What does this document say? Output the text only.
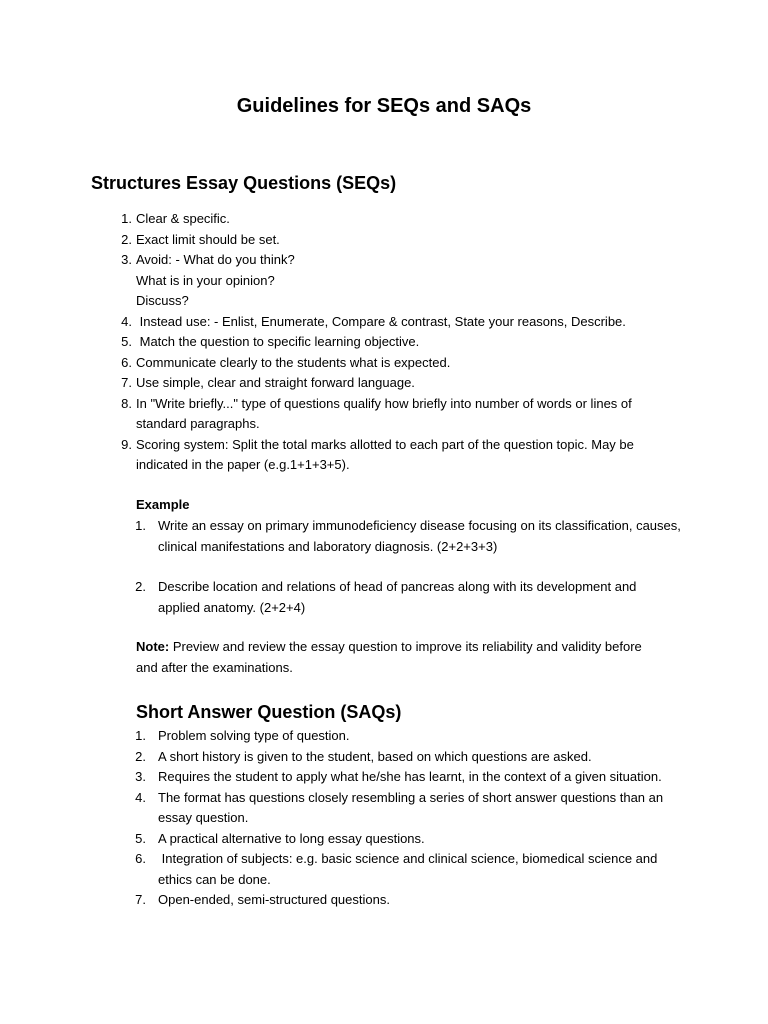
Guidelines for SEQs and SAQs
Structures Essay Questions (SEQs)
1. Clear & specific.
2. Exact limit should be set.
3. Avoid: - What do you think?
What is in your opinion?
Discuss?
4. Instead use: - Enlist, Enumerate, Compare & contrast, State your reasons, Describe.
5. Match the question to specific learning objective.
6. Communicate clearly to the students what is expected.
7. Use simple, clear and straight forward language.
8. In "Write briefly..." type of questions qualify how briefly into number of words or lines of standard paragraphs.
9. Scoring system: Split the total marks allotted to each part of the question topic. May be indicated in the paper (e.g.1+1+3+5).
Example
1. Write an essay on primary immunodeficiency disease focusing on its classification, causes, clinical manifestations and laboratory diagnosis. (2+2+3+3)
2. Describe location and relations of head of pancreas along with its development and applied anatomy. (2+2+4)
Note: Preview and review the essay question to improve its reliability and validity before and after the examinations.
Short Answer Question (SAQs)
1. Problem solving type of question.
2. A short history is given to the student, based on which questions are asked.
3. Requires the student to apply what he/she has learnt, in the context of a given situation.
4. The format has questions closely resembling a series of short answer questions than an essay question.
5. A practical alternative to long essay questions.
6. Integration of subjects: e.g. basic science and clinical science, biomedical science and ethics can be done.
7. Open-ended, semi-structured questions.
